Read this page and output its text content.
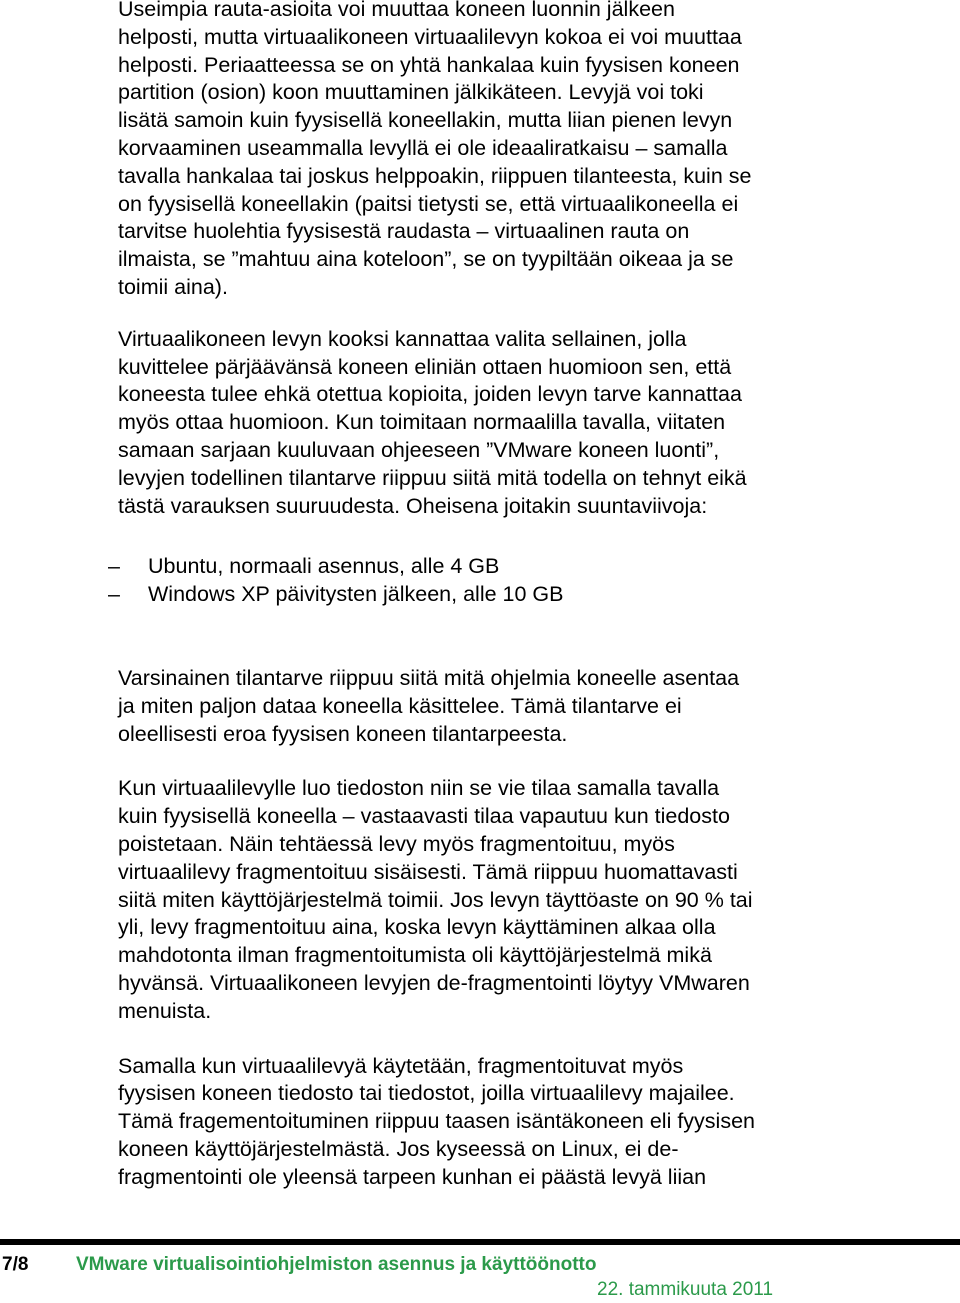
Useimpia rauta-asioita voi muuttaa koneen luonnin jälkeen
helposti, mutta virtuaalikoneen virtuaalilevyn kokoa ei voi muuttaa
helposti. Periaatteessa se on yhtä hankalaa kuin fyysisen koneen
partition (osion) koon muuttaminen jälkikäteen. Levyjä voi toki
lisätä samoin kuin fyysisellä koneellakin, mutta liian pienen levyn
korvaaminen useammalla levyllä ei ole ideaaliratkaisu – samalla
tavalla hankalaa tai joskus helppoakin, riippuen tilanteesta, kuin se
on fyysisellä koneellakin (paitsi tietysti se, että virtuaalikoneella ei
tarvitse huolehtia fyysisestä raudasta – virtuaalinen rauta on
ilmaista, se ”mahtuu aina koteloon”, se on tyypiltään oikeaa ja se
toimii aina).

Virtuaalikoneen levyn kooksi kannattaa valita sellainen, jolla
kuvittelee pärjäävänsä koneen eliniän ottaen huomioon sen, että
koneesta tulee ehkä otettua kopioita, joiden levyn tarve kannattaa
myös ottaa huomioon. Kun toimitaan normaalilla tavalla, viitaten
samaan sarjaan kuuluvaan ohjeeseen ”VMware koneen luonti”,
levyjen todellinen tilantarve riippuu siitä mitä todella on tehnyt eikä
tästä varauksen suuruudesta. Oheisena joitakin suuntaviivoja:

–	Ubuntu, normaali asennus, alle 4 GB
–	Windows XP päivitysten jälkeen, alle 10 GB

Varsinainen tilantarve riippuu siitä mitä ohjelmia koneelle asentaa
ja miten paljon dataa koneella käsittelee. Tämä tilantarve ei
oleellisesti eroa fyysisen koneen tilantarpeesta.

Kun virtuaalilevylle luo tiedoston niin se vie tilaa samalla tavalla
kuin fyysisellä koneella – vastaavasti tilaa vapautuu kun tiedosto
poistetaan. Näin tehtäessä levy myös fragmentoituu, myös
virtuaalilevy fragmentoituu sisäisesti. Tämä riippuu huomattavasti
siitä miten käyttöjärjestelmä toimii. Jos levyn täyttöaste on 90 % tai
yli, levy fragmentoituu aina, koska levyn käyttäminen alkaa olla
mahdotonta ilman fragmentoitumista oli käyttöjärjestelmä mikä
hyvänsä. Virtuaalikoneen levyjen de-fragmentointi löytyy VMwaren
menuista.

Samalla kun virtuaalilevyä käytetään, fragmentoituvat myös
fyysisen koneen tiedosto tai tiedostot, joilla virtuaalilevy majailee.
Tämä fragementoituminen riippuu taasen isäntäkoneen eli fyysisen
koneen käyttöjärjestelmästä. Jos kyseessä on Linux, ei de-
fragmentointi ole yleensä tarpeen kunhan ei päästä levyä liian

7/8	VMware virtualisointiohjelmiston asennus ja käyttöönotto
22. tammikuuta 2011
